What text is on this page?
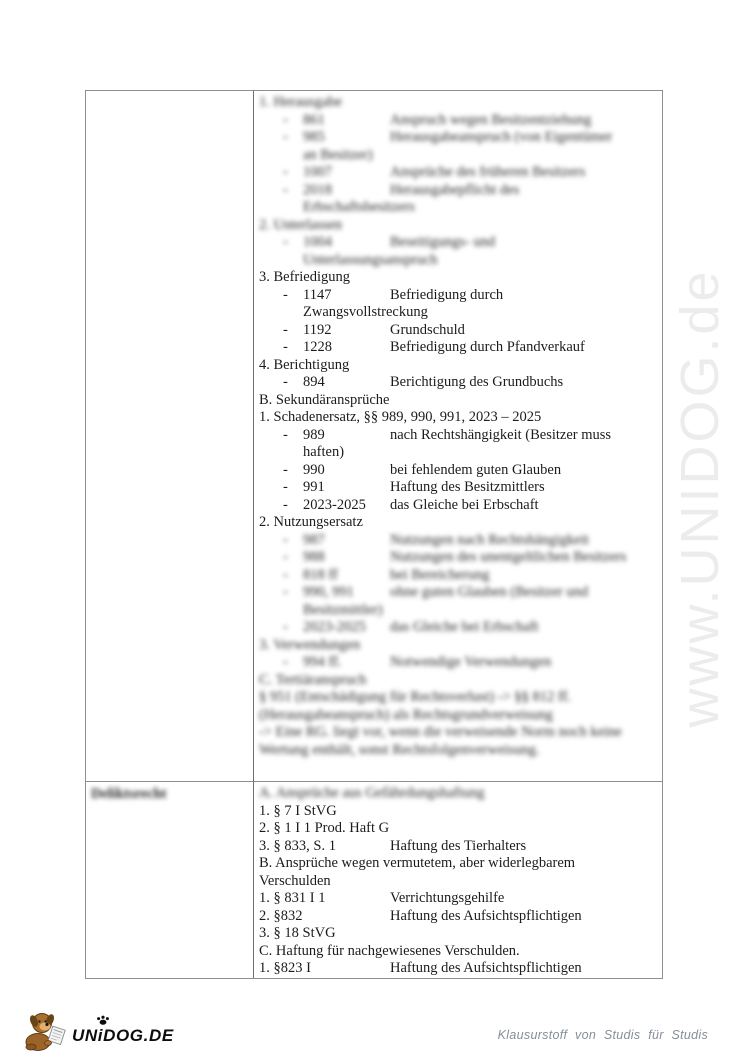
www.UNIDOG.de
1. Herausgabe
-	861	Anspruch wegen Besitzentziehung
-	985	Herausgabeanspruch (von Eigentümer
an Besitzer)
-	1007	Ansprüche des früheren Besitzers
-	2018	Herausgabepflicht des
Erbschaftsbesitzers
2. Unterlassen
-	1004	Beseitigungs- und
Unterlassungsanspruch
3. Befriedigung
-	1147	Befriedigung durch
Zwangsvollstreckung
-	1192	Grundschuld
-	1228	Befriedigung durch Pfandverkauf
4. Berichtigung
-	894	Berichtigung des Grundbuchs
B. Sekundäransprüche
1. Schadenersatz, §§ 989, 990, 991, 2023 – 2025
-	989	nach Rechtshängigkeit (Besitzer muss
haften)
-	990	bei fehlendem guten Glauben
-	991	Haftung des Besitzmittlers
-	2023-2025 das Gleiche bei Erbschaft
2. Nutzungsersatz
-	987	Nutzungen nach Rechtshängigkeit
-	988	Nutzungen des unentgeltlichen Besitzers
-	818 ff	bei Bereicherung
-	990, 991	ohne guten Glauben (Besitzer und
Besitzmittler)
-	2023-2025 das Gleiche bei Erbschaft
3. Verwendungen
-	994 ff.	Notwendige Verwendungen
C. Tertiäranspruch
§ 951 (Entschädigung für Rechtsverlust) -> §§ 812 ff.
(Herausgabeanspruch) als Rechtsgrundverweisung
-> Eine RG. liegt vor, wenn die verweisende Norm noch keine
Wertung enthält, sonst Rechtsfolgenverweisung.
Deliktsrecht	A. Ansprüche aus Gefährdungshaftung
1. § 7 I StVG
2. § 1 I 1 Prod. Haft G
3. § 833, S. 1	Haftung des Tierhalters
B. Ansprüche wegen vermutetem, aber widerlegbarem
Verschulden
1. § 831 I 1	Verrichtungsgehilfe
2. §832	Haftung des Aufsichtspflichtigen
3. § 18 StVG
C. Haftung für nachgewiesenes Verschulden.
1. §823 I	Haftung des Aufsichtspflichtigen
UN
iDOG.DE	Klausurstoff von Studis für Studis
